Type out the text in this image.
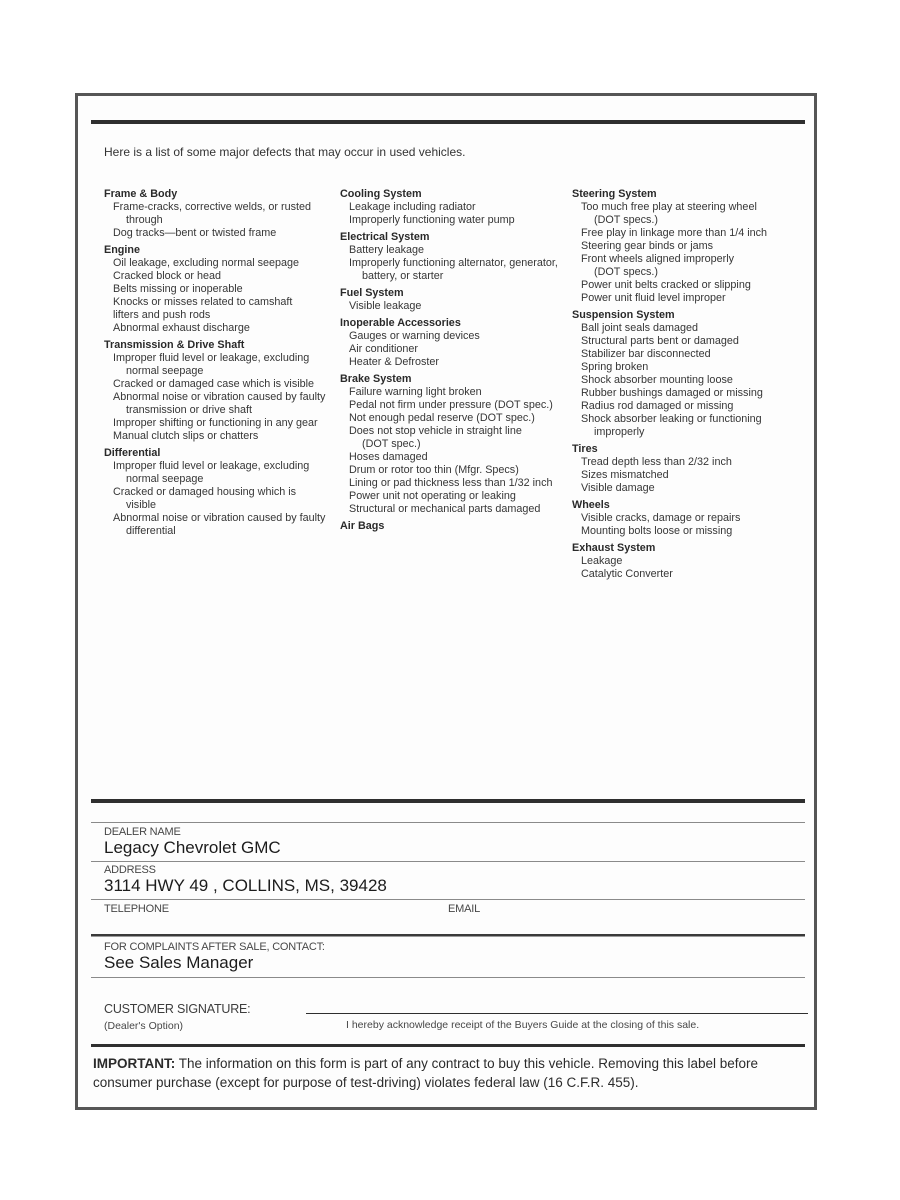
Here is a list of some major defects that may occur in used vehicles.
Frame & Body
Frame-cracks, corrective welds, or rusted
through
Dog tracks—bent or twisted frame
Engine
Oil leakage, excluding normal seepage
Cracked block or head
Belts missing or inoperable
Knocks or misses related to camshaft
lifters and push rods
Abnormal exhaust discharge
Transmission & Drive Shaft
Improper fluid level or leakage, excluding
normal seepage
Cracked or damaged case which is visible
Abnormal noise or vibration caused by faulty
transmission or drive shaft
Improper shifting or functioning in any gear
Manual clutch slips or chatters
Differential
Improper fluid level or leakage, excluding
normal seepage
Cracked or damaged housing which is
visible
Abnormal noise or vibration caused by faulty
differential
Cooling System
Leakage including radiator
Improperly functioning water pump
Electrical System
Battery leakage
Improperly functioning alternator, generator,
battery, or starter
Fuel System
Visible leakage
Inoperable Accessories
Gauges or warning devices
Air conditioner
Heater & Defroster
Brake System
Failure warning light broken
Pedal not firm under pressure (DOT spec.)
Not enough pedal reserve (DOT spec.)
Does not stop vehicle in straight line
(DOT spec.)
Hoses damaged
Drum or rotor too thin (Mfgr. Specs)
Lining or pad thickness less than 1/32 inch
Power unit not operating or leaking
Structural or mechanical parts damaged
Air Bags
Steering System
Too much free play at steering wheel
(DOT specs.)
Free play in linkage more than 1/4 inch
Steering gear binds or jams
Front wheels aligned improperly
(DOT specs.)
Power unit belts cracked or slipping
Power unit fluid level improper
Suspension System
Ball joint seals damaged
Structural parts bent or damaged
Stabilizer bar disconnected
Spring broken
Shock absorber mounting loose
Rubber bushings damaged or missing
Radius rod damaged or missing
Shock absorber leaking or functioning
improperly
Tires
Tread depth less than 2/32 inch
Sizes mismatched
Visible damage
Wheels
Visible cracks, damage or repairs
Mounting bolts loose or missing
Exhaust System
Leakage
Catalytic Converter
DEALER NAME
Legacy Chevrolet GMC
ADDRESS
3114 HWY 49 , COLLINS, MS, 39428
TELEPHONE	EMAIL
FOR COMPLAINTS AFTER SALE, CONTACT:
See Sales Manager
CUSTOMER SIGNATURE:
(Dealer's Option)	I hereby acknowledge receipt of the Buyers Guide at the closing of this sale.
IMPORTANT: The information on this form is part of any contract to buy this vehicle. Removing this label before consumer purchase (except for purpose of test-driving) violates federal law (16 C.F.R. 455).
